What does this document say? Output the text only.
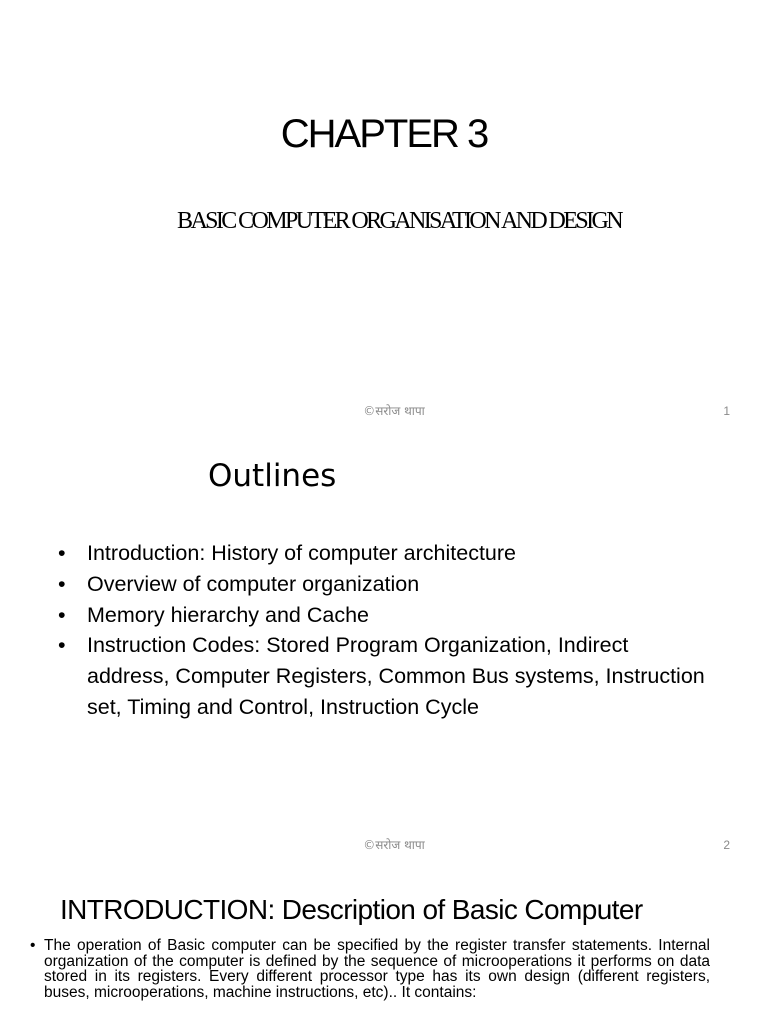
CHAPTER 3
BASIC COMPUTER ORGANISATION AND DESIGN
©सरोज थापा	1
Outlines
• Introduction: History of computer architecture
• Overview of computer organization
• Memory hierarchy and Cache
• Instruction Codes: Stored Program Organization, Indirect address, Computer Registers, Common Bus systems, Instruction set, Timing and Control, Instruction Cycle
©सरोज थापा	2
INTRODUCTION: Description of Basic Computer
• The operation of Basic computer can be specified by the register transfer statements. Internal organization of the computer is defined by the sequence of microoperations it performs on data stored in its registers. Every different processor type has its own design (different registers, buses, microoperations, machine instructions, etc).. It contains:
